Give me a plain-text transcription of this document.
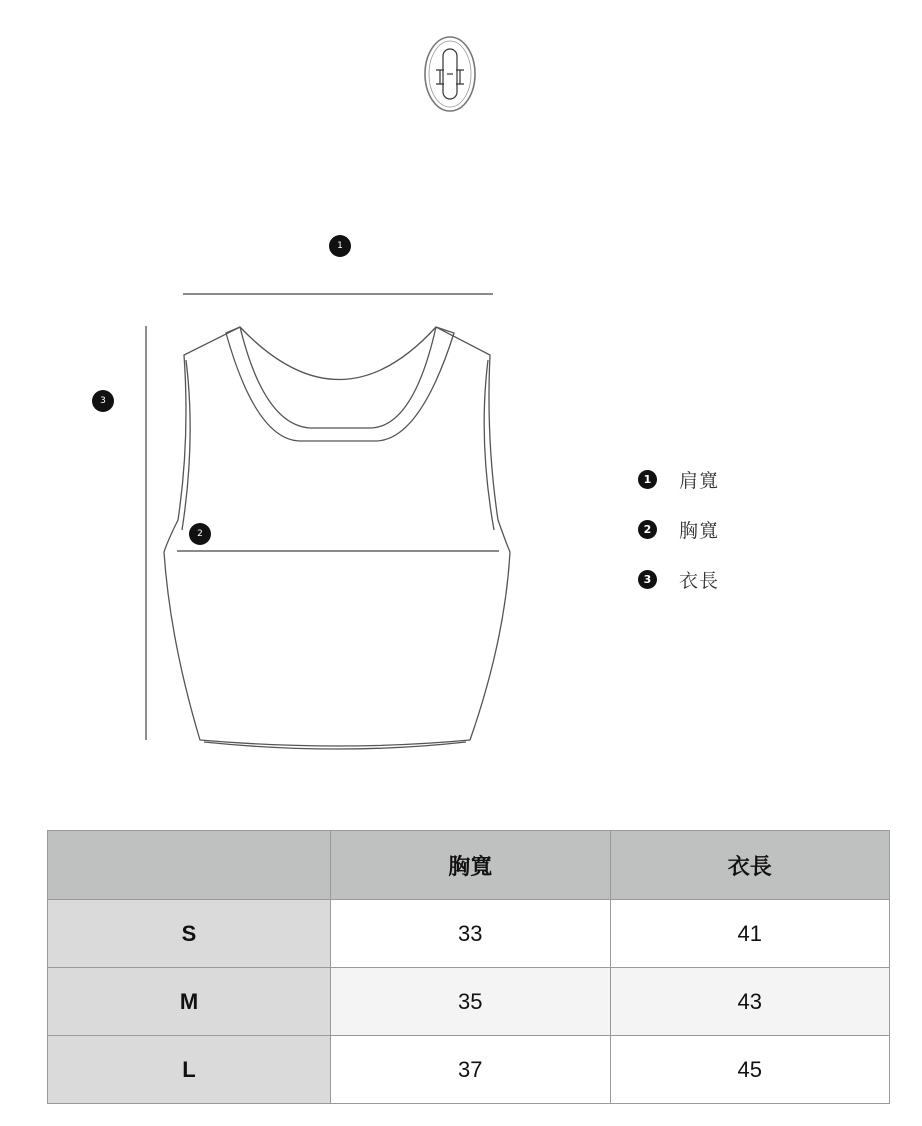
1
3
2
1 肩寬
2 胸寬
3 衣長
	胸寬	衣長
S	33	41
M	35	43
L	37	45
